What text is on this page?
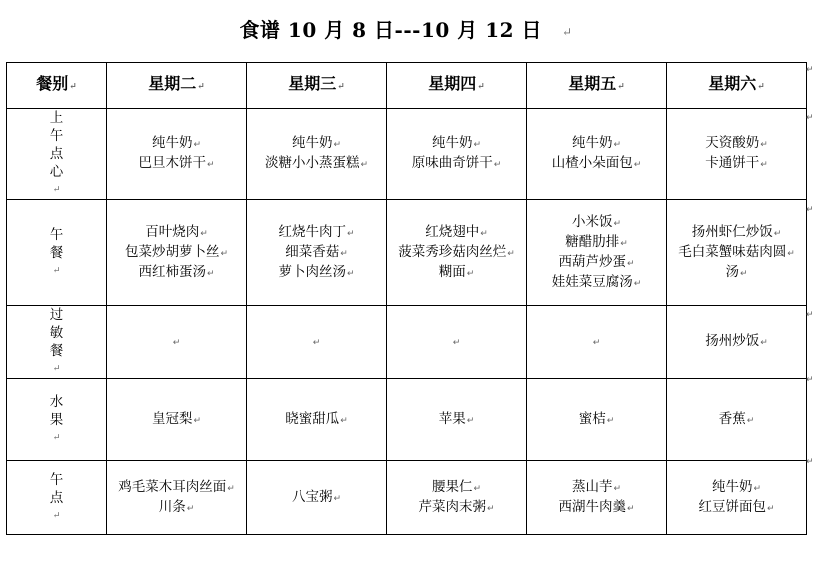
食谱 10 月 8 日---10 月 12 日 ↵
餐别↵	星期二↵	星期三↵	星期四↵	星期五↵	星期六↵

上
午
点
心
↵	纯牛奶↵
巴旦木饼干↵	纯牛奶↵
淡糖小小蒸蛋糕↵	纯牛奶↵
原味曲奇饼干↵	纯牛奶↵
山楂小朵面包↵	天资酸奶↵
卡通饼干↵

午
餐
↵	百叶烧肉↵
包菜炒胡萝卜丝↵
西红柿蛋汤↵	红烧牛肉丁↵
细菜香菇↵
萝卜肉丝汤↵	红烧翅中↵
菠菜秀珍菇肉丝烂↵
糊面↵	小米饭↵
糖醋肋排↵
西葫芦炒蛋↵
娃娃菜豆腐汤↵	扬州虾仁炒饭↵
毛白菜蟹味菇肉圆↵
汤↵

过
敏
餐
↵	↵	↵	↵	↵	扬州炒饭↵

水
果
↵	皇冠梨↵	晓蜜甜瓜↵	苹果↵	蜜桔↵	香蕉↵

午
点
↵	鸡毛菜木耳肉丝面↵
川条↵	八宝粥↵	腰果仁↵
芹菜肉末粥↵	蒸山芋↵
西湖牛肉羹↵	纯牛奶↵
红豆饼面包↵
↵
↵
↵
↵
↵
↵
